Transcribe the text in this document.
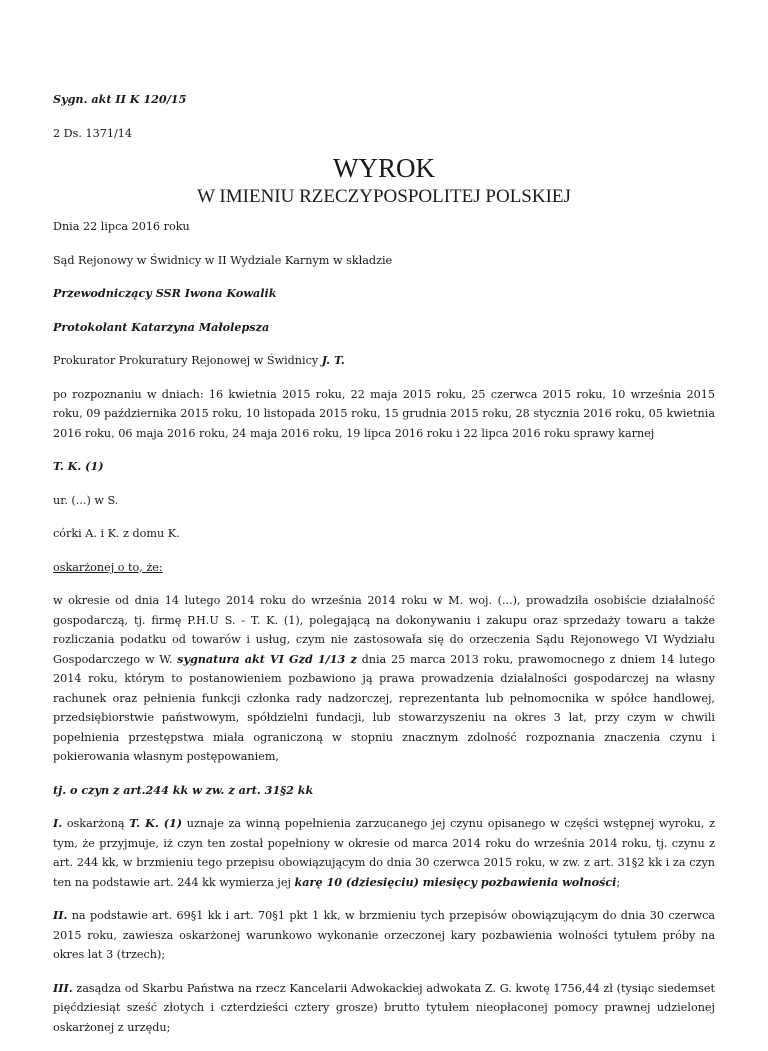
Sygn. akt II K 120/15

2 Ds. 1371/14

WYROK
W IMIENIU RZECZYPOSPOLITEJ POLSKIEJ

Dnia 22 lipca 2016 roku

Sąd Rejonowy w Świdnicy w II Wydziale Karnym w składzie

Przewodniczący SSR Iwona Kowalik

Protokolant Katarzyna Małolepsza

Prokurator Prokuratury Rejonowej w Świdnicy J. T.

po rozpoznaniu w dniach: 16 kwietnia 2015 roku, 22 maja 2015 roku, 25 czerwca 2015 roku, 10 września 2015 roku, 09 października 2015 roku, 10 listopada 2015 roku, 15 grudnia 2015 roku, 28 stycznia 2016 roku, 05 kwietnia 2016 roku, 06 maja 2016 roku, 24 maja 2016 roku, 19 lipca 2016 roku i 22 lipca 2016 roku sprawy karnej

T. K. (1)

ur. (...) w S.

córki A. i K. z domu K.

oskarżonej o to, że:

w okresie od dnia 14 lutego 2014 roku do września 2014 roku w M. woj. (...), prowadziła osobiście działalność gospodarczą, tj. firmę P.H.U S. - T. K. (1), polegającą na dokonywaniu i zakupu oraz sprzedaży towaru a także rozliczania podatku od towarów i usług, czym nie zastosowała się do orzeczenia Sądu Rejonowego VI Wydziału Gospodarczego w W. sygnatura akt VI Gzd 1/13 z dnia 25 marca 2013 roku, prawomocnego z dniem 14 lutego 2014 roku, którym to postanowieniem pozbawiono ją prawa prowadzenia działalności gospodarczej na własny rachunek oraz pełnienia funkcji członka rady nadzorczej, reprezentanta lub pełnomocnika w spółce handlowej, przedsiębiorstwie państwowym, spółdzielni fundacji, lub stowarzyszeniu na okres 3 lat, przy czym w chwili popełnienia przestępstwa miała ograniczoną w stopniu znacznym zdolność rozpoznania znaczenia czynu i pokierowania własnym postępowaniem,

tj. o czyn z art.244 kk w zw. z art. 31§2 kk

I. oskarżoną T. K. (1) uznaje za winną popełnienia zarzucanego jej czynu opisanego w części wstępnej wyroku, z tym, że przyjmuje, iż czyn ten został popełniony w okresie od marca 2014 roku do września 2014 roku, tj. czynu z art. 244 kk, w brzmieniu tego przepisu obowiązującym do dnia 30 czerwca 2015 roku, w zw. z art. 31§2 kk i za czyn ten na podstawie art. 244 kk wymierza jej karę 10 (dziesięciu) miesięcy pozbawienia wolności;

II. na podstawie art. 69§1 kk i art. 70§1 pkt 1 kk, w brzmieniu tych przepisów obowiązującym do dnia 30 czerwca 2015 roku, zawiesza oskarżonej warunkowo wykonanie orzeczonej kary pozbawienia wolności tytułem próby na okres lat 3 (trzech);

III. zasądza od Skarbu Państwa na rzecz Kancelarii Adwokackiej adwokata Z. G. kwotę 1756,44 zł (tysiąc siedemset pięćdziesiąt sześć złotych i czterdzieści cztery grosze) brutto tytułem nieopłaconej pomocy prawnej udzielonej oskarżonej z urzędu;
